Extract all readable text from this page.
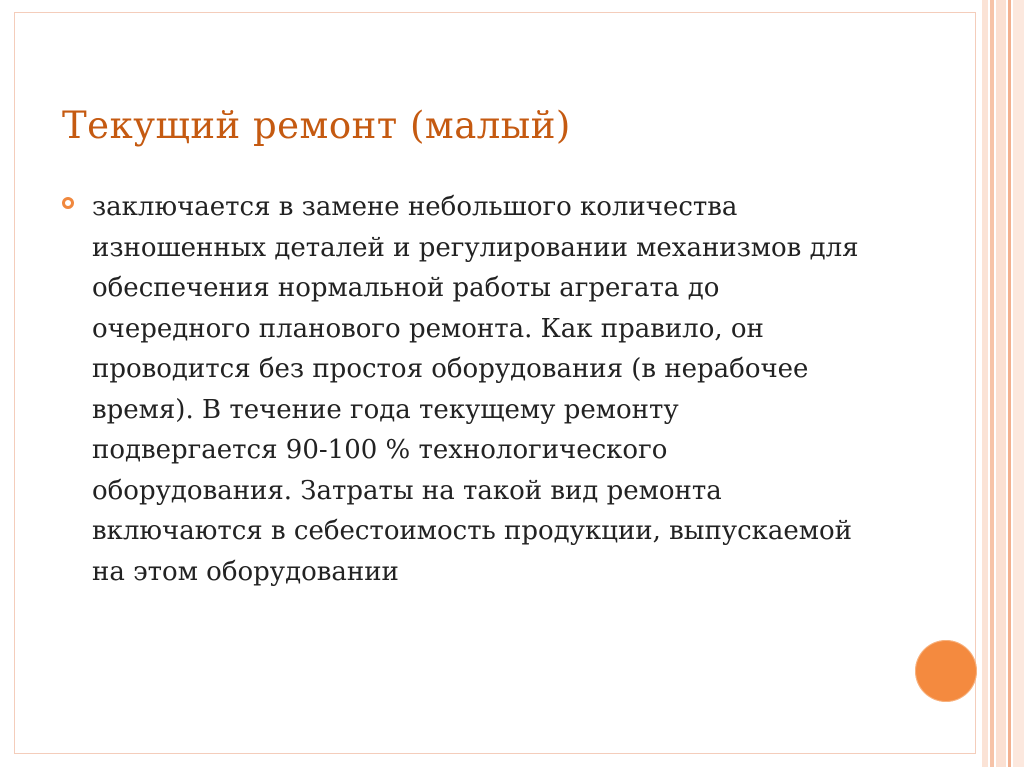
Текущий ремонт (малый)

заключается в замене небольшого количества изношенных деталей и регулировании механизмов для обеспечения нормальной работы агрегата до очередного планового ремонта. Как правило, он проводится без простоя оборудования (в нерабочее время). В течение года текущему ремонту подвергается 90-100 % технологического оборудования. Затраты на такой вид ремонта включаются в себестоимость продукции, выпускаемой на этом оборудовании
